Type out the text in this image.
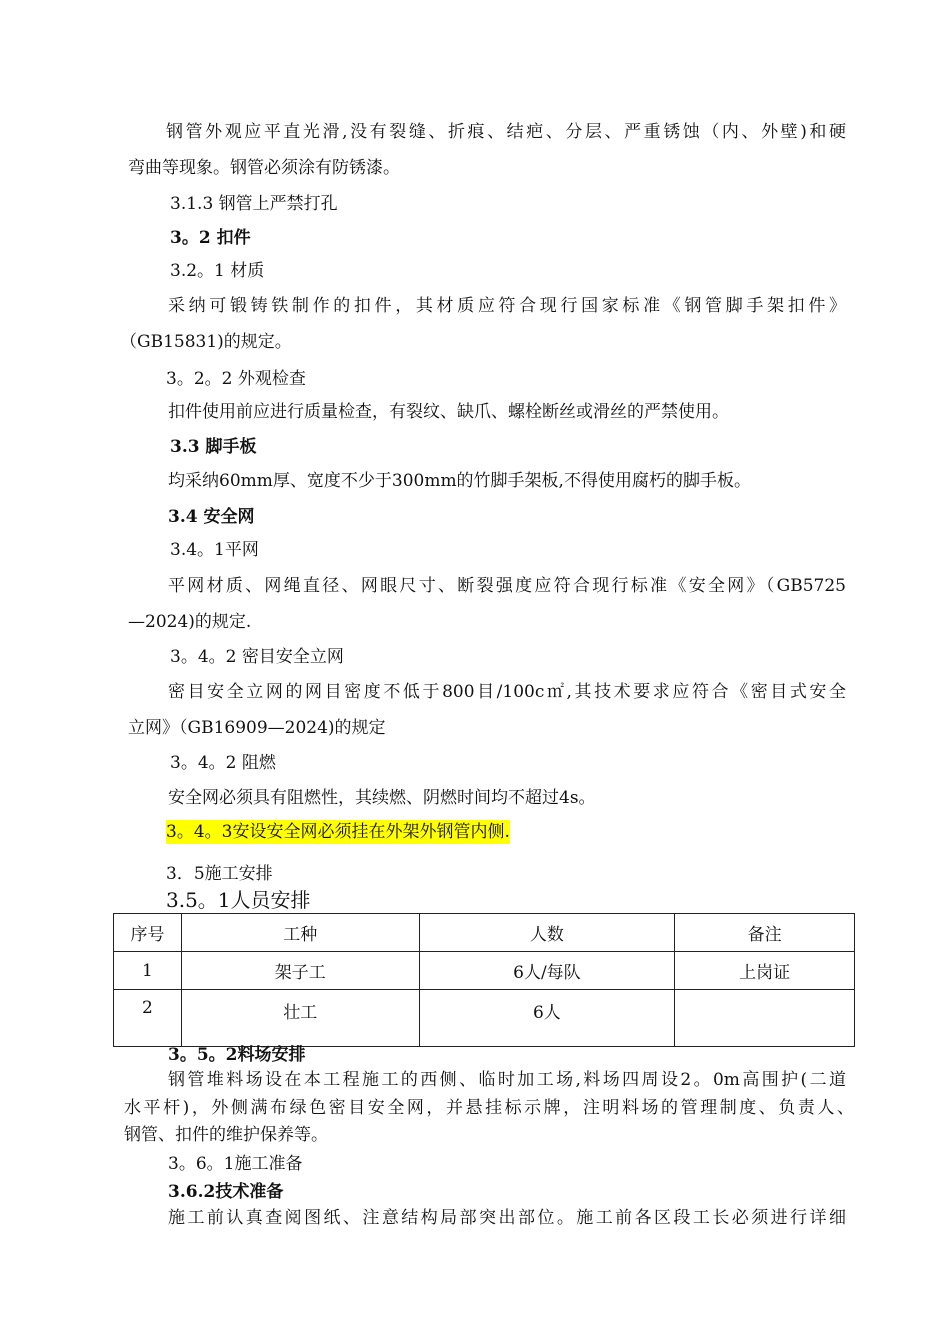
钢管外观应平直光滑,没有裂缝、折痕、结疤、分层、严重锈蚀（内、外壁)和硬
弯曲等现象。钢管必须涂有防锈漆。
3.1.3 钢管上严禁打孔
3。2 扣件
3.2。1 材质
采纳可锻铸铁制作的扣件，其材质应符合现行国家标准《钢管脚手架扣件》
（GB15831)的规定。
3。2。2 外观检查
扣件使用前应进行质量检查，有裂纹、缺爪、螺栓断丝或滑丝的严禁使用。
3.3 脚手板
均采纳60mm厚、宽度不少于300mm的竹脚手架板,不得使用腐朽的脚手板。
3.4 安全网
3.4。1平网
平网材质、网绳直径、网眼尺寸、断裂强度应符合现行标准《安全网》（GB5725
—2024)的规定.
3。4。2 密目安全立网
密目安全立网的网目密度不低于800目/100c㎡,其技术要求应符合《密目式安全
立网》（GB16909—2024)的规定
3。4。2 阻燃
安全网必须具有阻燃性，其续燃、阴燃时间均不超过4s。
3。4。3安设安全网必须挂在外架外钢管内侧.
3．5施工安排
3.5。1人员安排
序号	工种	人数	备注
1	架子工	6人/每队	上岗证
2	壮工	6人	
3。5。2料场安排
钢管堆料场设在本工程施工的西侧、临时加工场,料场四周设2。0m高围护(二道
水平杆)，外侧满布绿色密目安全网，并悬挂标示牌，注明料场的管理制度、负责人、
钢管、扣件的维护保养等。
3。6。1施工准备
3.6.2技术准备
施工前认真查阅图纸、注意结构局部突出部位。施工前各区段工长必须进行详细
